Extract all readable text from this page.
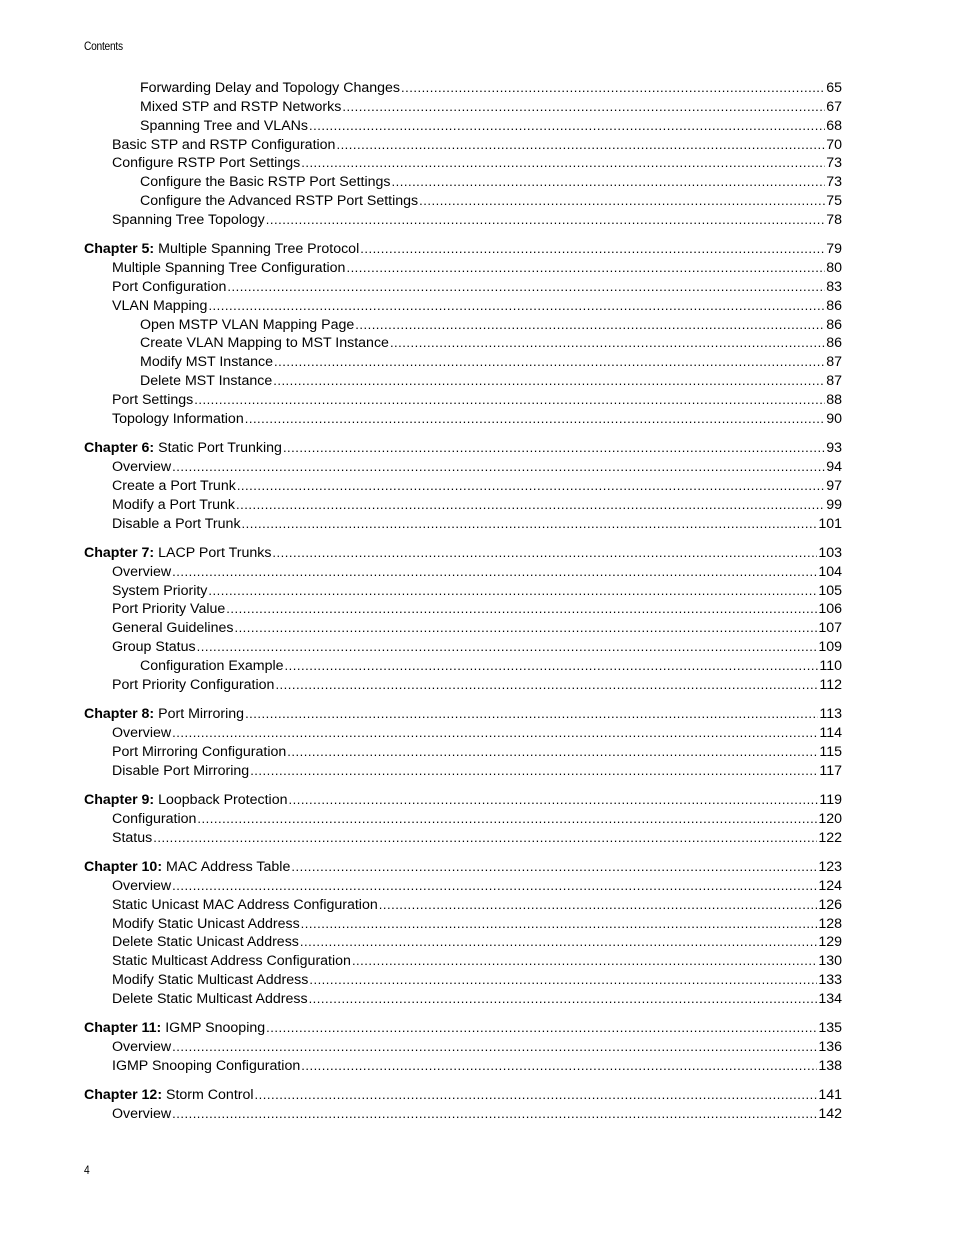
Contents
Forwarding Delay and Topology Changes .....	65
Mixed STP and RSTP Networks .....	67
Spanning Tree and VLANs .....	68
Basic STP and RSTP Configuration .....	70
Configure RSTP Port Settings .....	73
Configure the Basic RSTP Port Settings .....	73
Configure the Advanced RSTP Port Settings .....	75
Spanning Tree Topology .....	78
Chapter 5: Multiple Spanning Tree Protocol .....	79
Multiple Spanning Tree Configuration .....	80
Port Configuration .....	83
VLAN Mapping .....	86
Open MSTP VLAN Mapping Page .....	86
Create VLAN Mapping to MST Instance .....	86
Modify MST Instance .....	87
Delete MST Instance .....	87
Port Settings .....	88
Topology Information .....	90
Chapter 6: Static Port Trunking .....	93
Overview .....	94
Create a Port Trunk .....	97
Modify a Port Trunk .....	99
Disable a Port Trunk .....	101
Chapter 7: LACP Port Trunks .....	103
Overview .....	104
System Priority .....	105
Port Priority Value .....	106
General Guidelines .....	107
Group Status .....	109
Configuration Example .....	110
Port Priority Configuration .....	112
Chapter 8: Port Mirroring .....	113
Overview .....	114
Port Mirroring Configuration .....	115
Disable Port Mirroring .....	117
Chapter 9: Loopback Protection .....	119
Configuration .....	120
Status .....	122
Chapter 10: MAC Address Table .....	123
Overview .....	124
Static Unicast MAC Address Configuration .....	126
Modify Static Unicast Address .....	128
Delete Static Unicast Address .....	129
Static Multicast Address Configuration .....	130
Modify Static Multicast Address .....	133
Delete Static Multicast Address .....	134
Chapter 11: IGMP Snooping .....	135
Overview .....	136
IGMP Snooping Configuration .....	138
Chapter 12: Storm Control .....	141
Overview .....	142
4
